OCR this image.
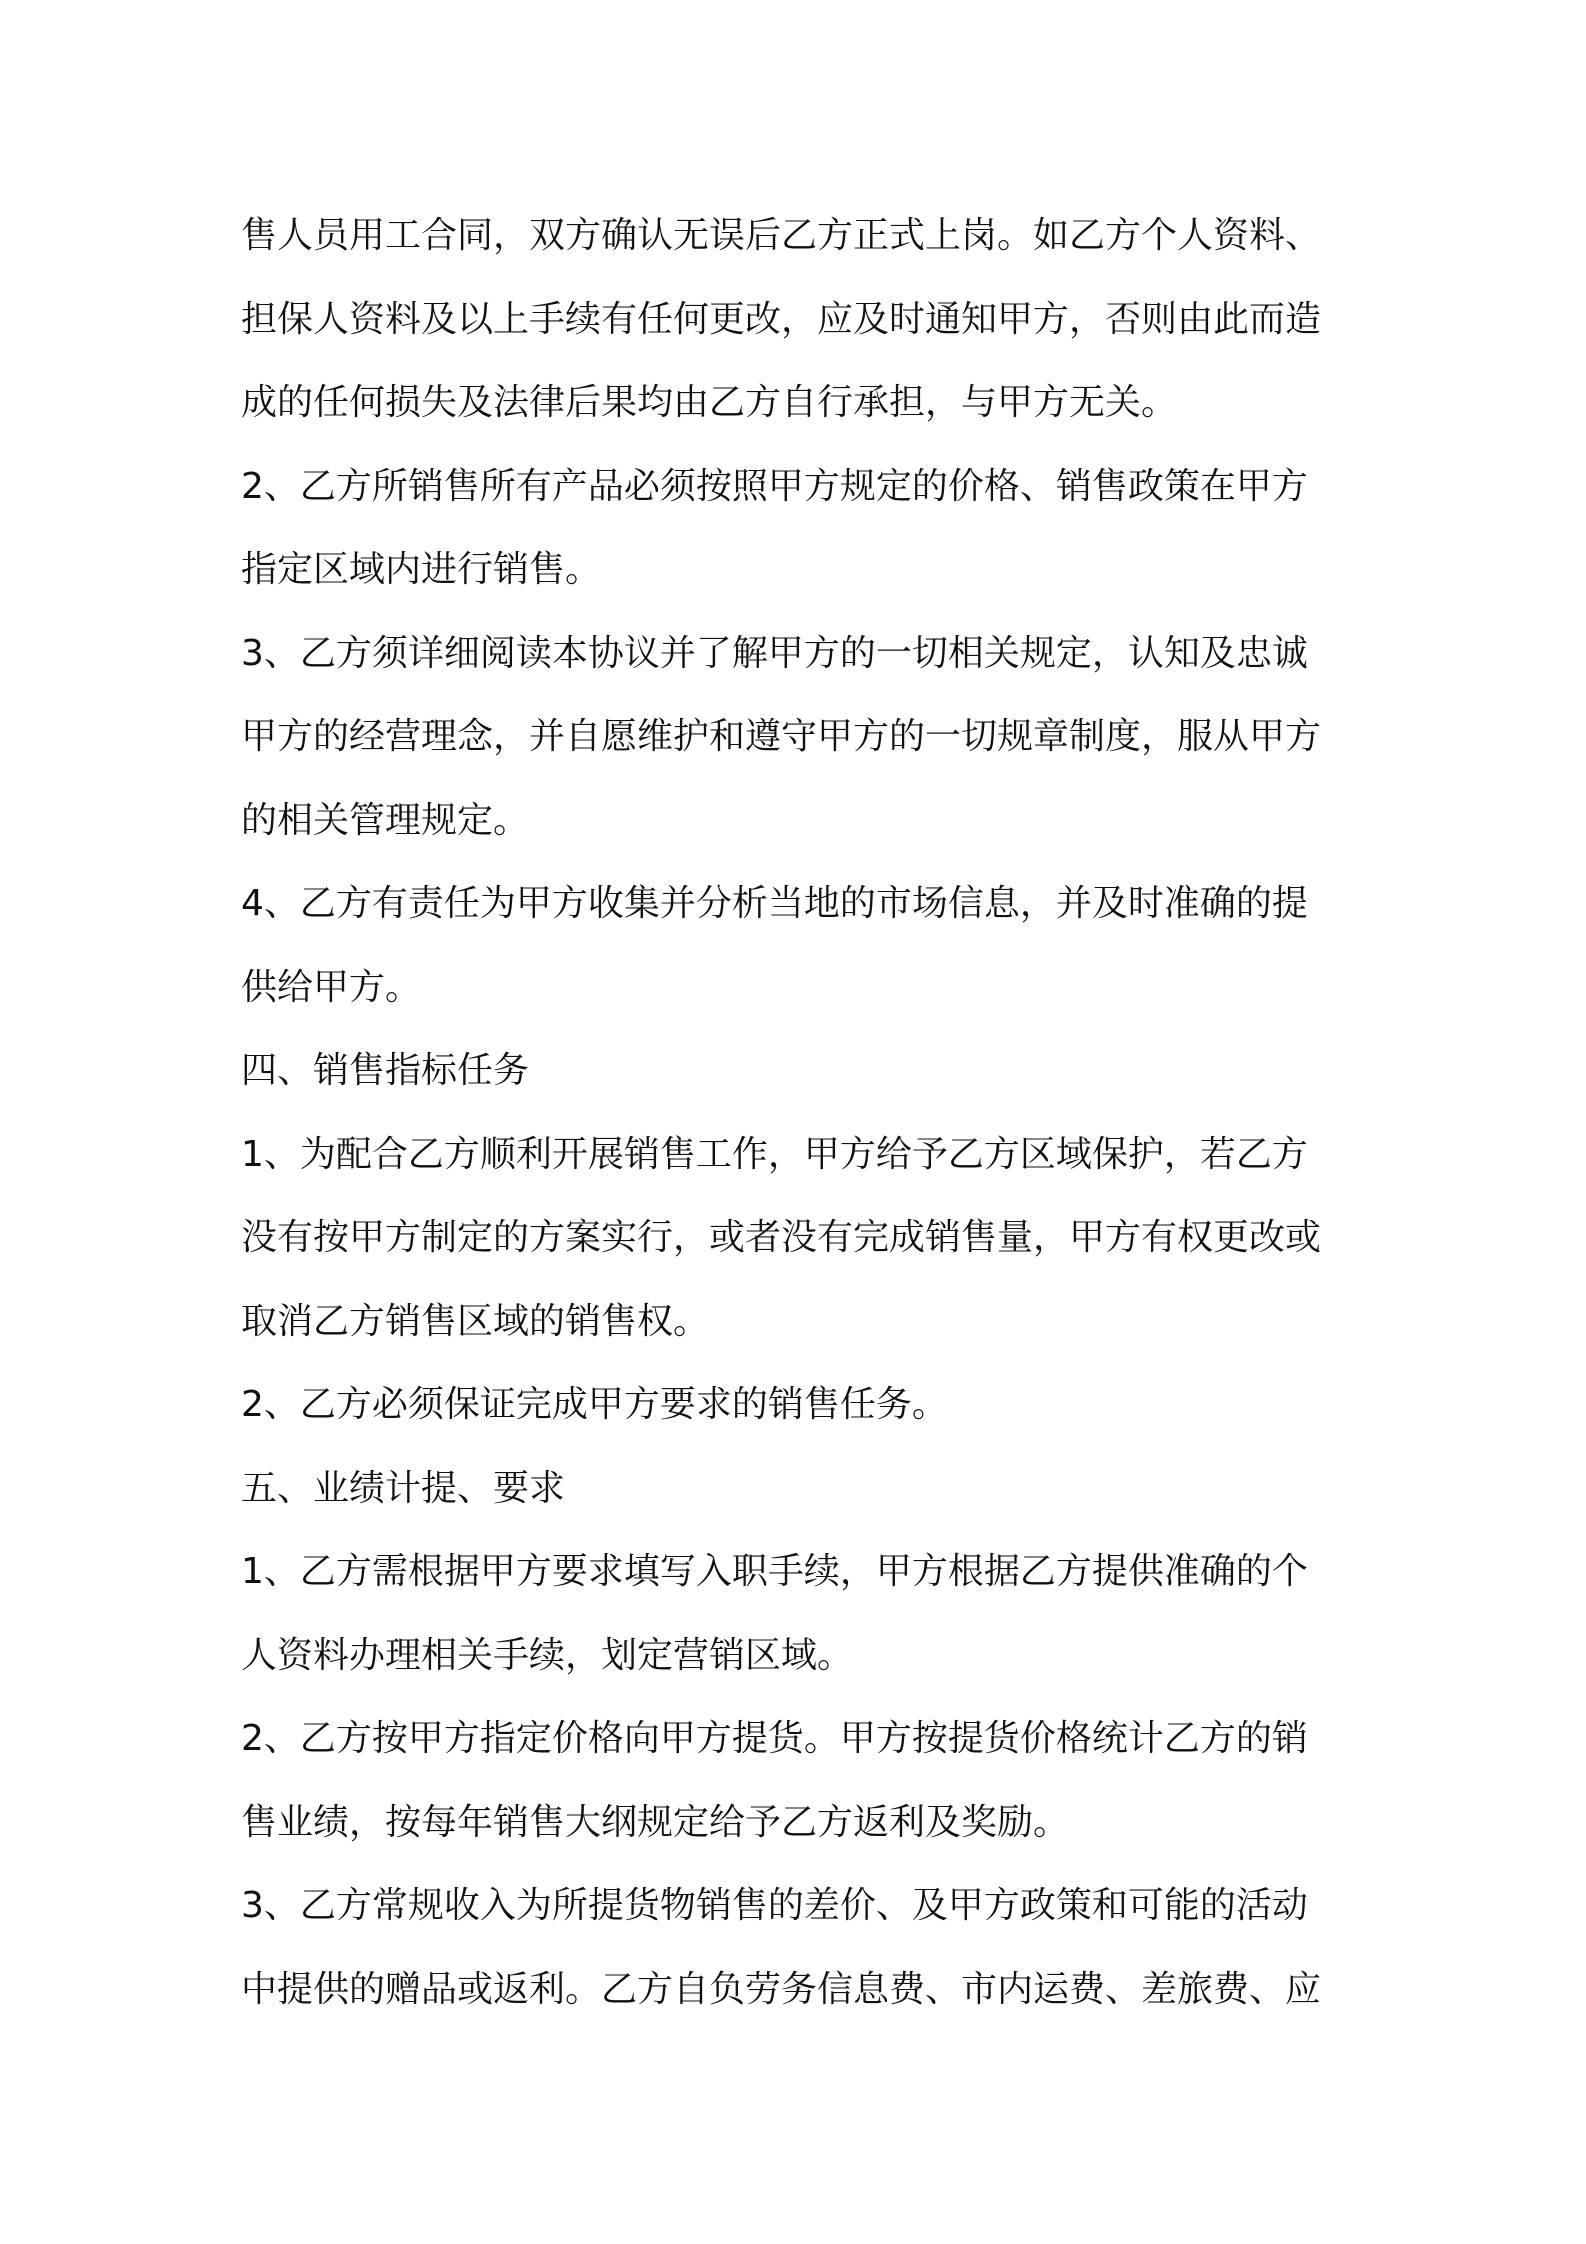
售人员用工合同，双方确认无误后乙方正式上岗。如乙方个人资料、
担保人资料及以上手续有任何更改，应及时通知甲方，否则由此而造
成的任何损失及法律后果均由乙方自行承担，与甲方无关。
2、乙方所销售所有产品必须按照甲方规定的价格、销售政策在甲方
指定区域内进行销售。
3、乙方须详细阅读本协议并了解甲方的一切相关规定，认知及忠诚
甲方的经营理念，并自愿维护和遵守甲方的一切规章制度，服从甲方
的相关管理规定。
4、乙方有责任为甲方收集并分析当地的市场信息，并及时准确的提
供给甲方。
四、销售指标任务
1、为配合乙方顺利开展销售工作，甲方给予乙方区域保护，若乙方
没有按甲方制定的方案实行，或者没有完成销售量，甲方有权更改或
取消乙方销售区域的销售权。
2、乙方必须保证完成甲方要求的销售任务。
五、业绩计提、要求
1、乙方需根据甲方要求填写入职手续，甲方根据乙方提供准确的个
人资料办理相关手续，划定营销区域。
2、乙方按甲方指定价格向甲方提货。甲方按提货价格统计乙方的销
售业绩，按每年销售大纲规定给予乙方返利及奖励。
3、乙方常规收入为所提货物销售的差价、及甲方政策和可能的活动
中提供的赠品或返利。乙方自负劳务信息费、市内运费、差旅费、应
